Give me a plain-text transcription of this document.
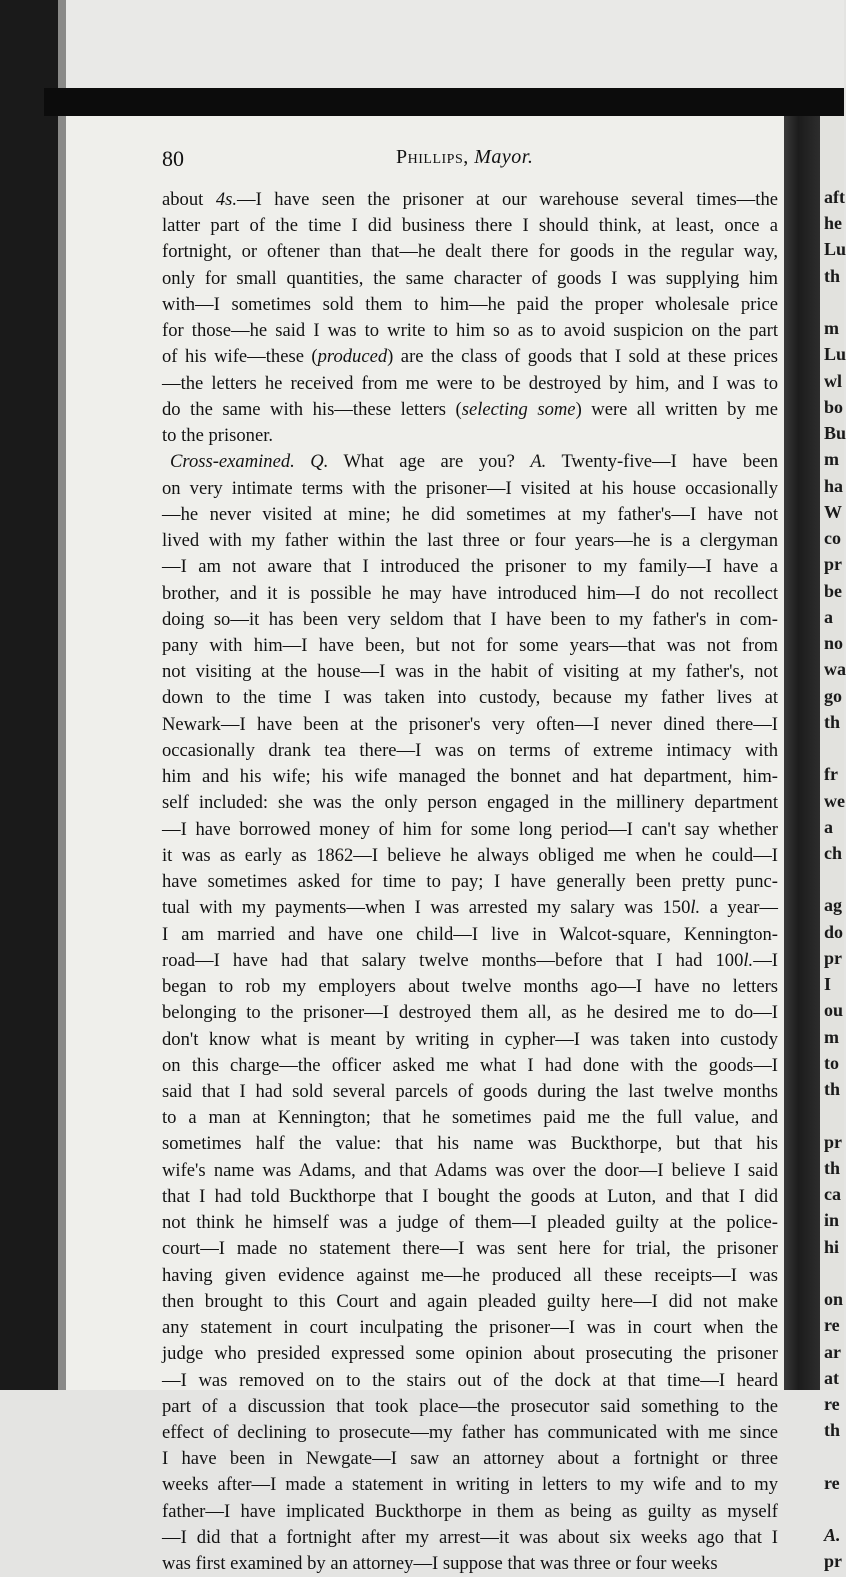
aft
he
Lu
th
m
Lu
wl
bo
Bu
m
ha
W
co
pr
be
a
no
wa
go
th
fr
we
a
ch
ag
do
pr
I
ou
m
to
th
pr
th
ca
in
hi
on
re
ar
at
re
th
re
A.
pr
80	Phillips, Mayor.
about 4s.—I have seen the prisoner at our warehouse several times—the
latter part of the time I did business there I should think, at least, once a
fortnight, or oftener than that—he dealt there for goods in the regular way,
only for small quantities, the same character of goods I was supplying him
with—I sometimes sold them to him—he paid the proper wholesale price
for those—he said I was to write to him so as to avoid suspicion on the part
of his wife—these (produced) are the class of goods that I sold at these prices
—the letters he received from me were to be destroyed by him, and I was to
do the same with his—these letters (selecting some) were all written by me
to the prisoner.
Cross-examined. Q. What age are you? A. Twenty-five—I have been
on very intimate terms with the prisoner—I visited at his house occasionally
—he never visited at mine; he did sometimes at my father's—I have not
lived with my father within the last three or four years—he is a clergyman
—I am not aware that I introduced the prisoner to my family—I have a
brother, and it is possible he may have introduced him—I do not recollect
doing so—it has been very seldom that I have been to my father's in com-
pany with him—I have been, but not for some years—that was not from
not visiting at the house—I was in the habit of visiting at my father's, not
down to the time I was taken into custody, because my father lives at
Newark—I have been at the prisoner's very often—I never dined there—I
occasionally drank tea there—I was on terms of extreme intimacy with
him and his wife; his wife managed the bonnet and hat department, him-
self included: she was the only person engaged in the millinery department
—I have borrowed money of him for some long period—I can't say whether
it was as early as 1862—I believe he always obliged me when he could—I
have sometimes asked for time to pay; I have generally been pretty punc-
tual with my payments—when I was arrested my salary was 150l. a year—
I am married and have one child—I live in Walcot-square, Kennington-
road—I have had that salary twelve months—before that I had 100l.—I
began to rob my employers about twelve months ago—I have no letters
belonging to the prisoner—I destroyed them all, as he desired me to do—I
don't know what is meant by writing in cypher—I was taken into custody
on this charge—the officer asked me what I had done with the goods—I
said that I had sold several parcels of goods during the last twelve months
to a man at Kennington; that he sometimes paid me the full value, and
sometimes half the value: that his name was Buckthorpe, but that his
wife's name was Adams, and that Adams was over the door—I believe I said
that I had told Buckthorpe that I bought the goods at Luton, and that I did
not think he himself was a judge of them—I pleaded guilty at the police-
court—I made no statement there—I was sent here for trial, the prisoner
having given evidence against me—he produced all these receipts—I was
then brought to this Court and again pleaded guilty here—I did not make
any statement in court inculpating the prisoner—I was in court when the
judge who presided expressed some opinion about prosecuting the prisoner
—I was removed on to the stairs out of the dock at that time—I heard
part of a discussion that took place—the prosecutor said something to the
effect of declining to prosecute—my father has communicated with me since
I have been in Newgate—I saw an attorney about a fortnight or three
weeks after—I made a statement in writing in letters to my wife and to my
father—I have implicated Buckthorpe in them as being as guilty as myself
—I did that a fortnight after my arrest—it was about six weeks ago that I
was first examined by an attorney—I suppose that was three or four weeks
